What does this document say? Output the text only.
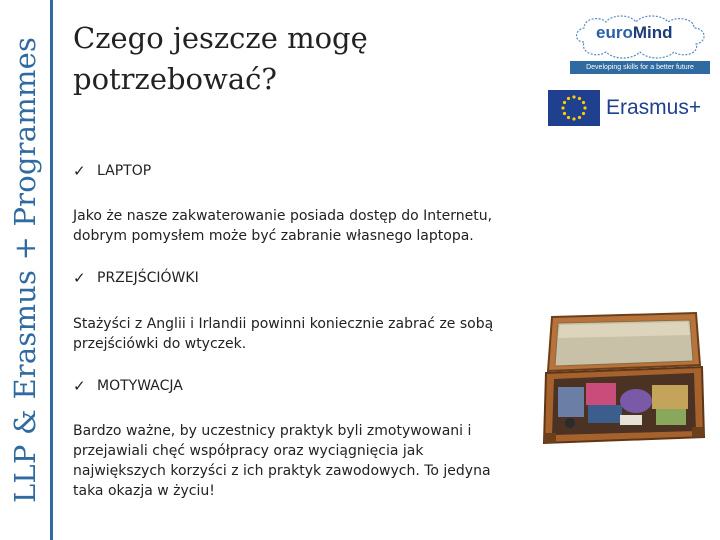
LLP & Erasmus + Programmes Czego jeszcze mogę potrzebować?
euroMind
Developing skills for a better future
Erasmus+
✓ LAPTOP
Jako że nasze zakwaterowanie posiada dostęp do Internetu, dobrym pomysłem może być zabranie własnego laptopa.
✓ PRZEJŚCIÓWKI
Stażyści z Anglii i Irlandii powinni koniecznie zabrać ze sobą przejściówki do wtyczek.
✓ MOTYWACJA
Bardzo ważne, by uczestnicy praktyk byli zmotywowani i przejawiali chęć współpracy oraz wyciągnięcia jak największych korzyści z ich praktyk zawodowych. To jedyna taka okazja w życiu!
